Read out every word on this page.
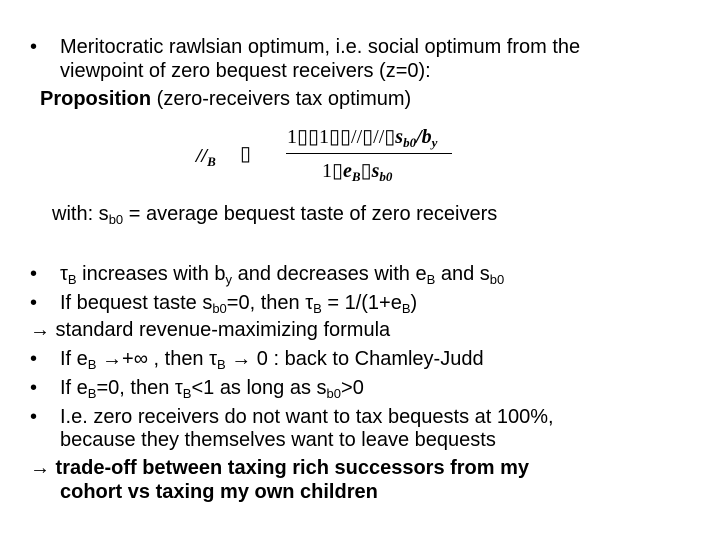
• Meritocratic rawlsian optimum, i.e. social optimum from the
viewpoint of zero bequest receivers (z=0):
Proposition (zero-receivers tax optimum)
$//_B$ ▯
$1▯▯1▯▯//▯//▯s_{b0}/b_y$
$1▯e_B▯s_{b0}$
with: $s_{b0}$ = average bequest taste of zero receivers
• $\tau_B$ increases with $b_y$ and decreases with $e_B$ and $s_{b0}$
• If bequest taste $s_{b0}=0$, then $\tau_B = 1/(1+e_B)$
→ standard revenue-maximizing formula
• If $e_B$ →+∞ , then $\tau_B \to 0$ : back to Chamley-Judd
• If $e_B=0$, then $\tau_B<1$ as long as $s_{b0}>0$
• I.e. zero receivers do not want to tax bequests at 100%,
because they themselves want to leave bequests
→ trade-off between taxing rich successors from my
cohort vs taxing my own children
